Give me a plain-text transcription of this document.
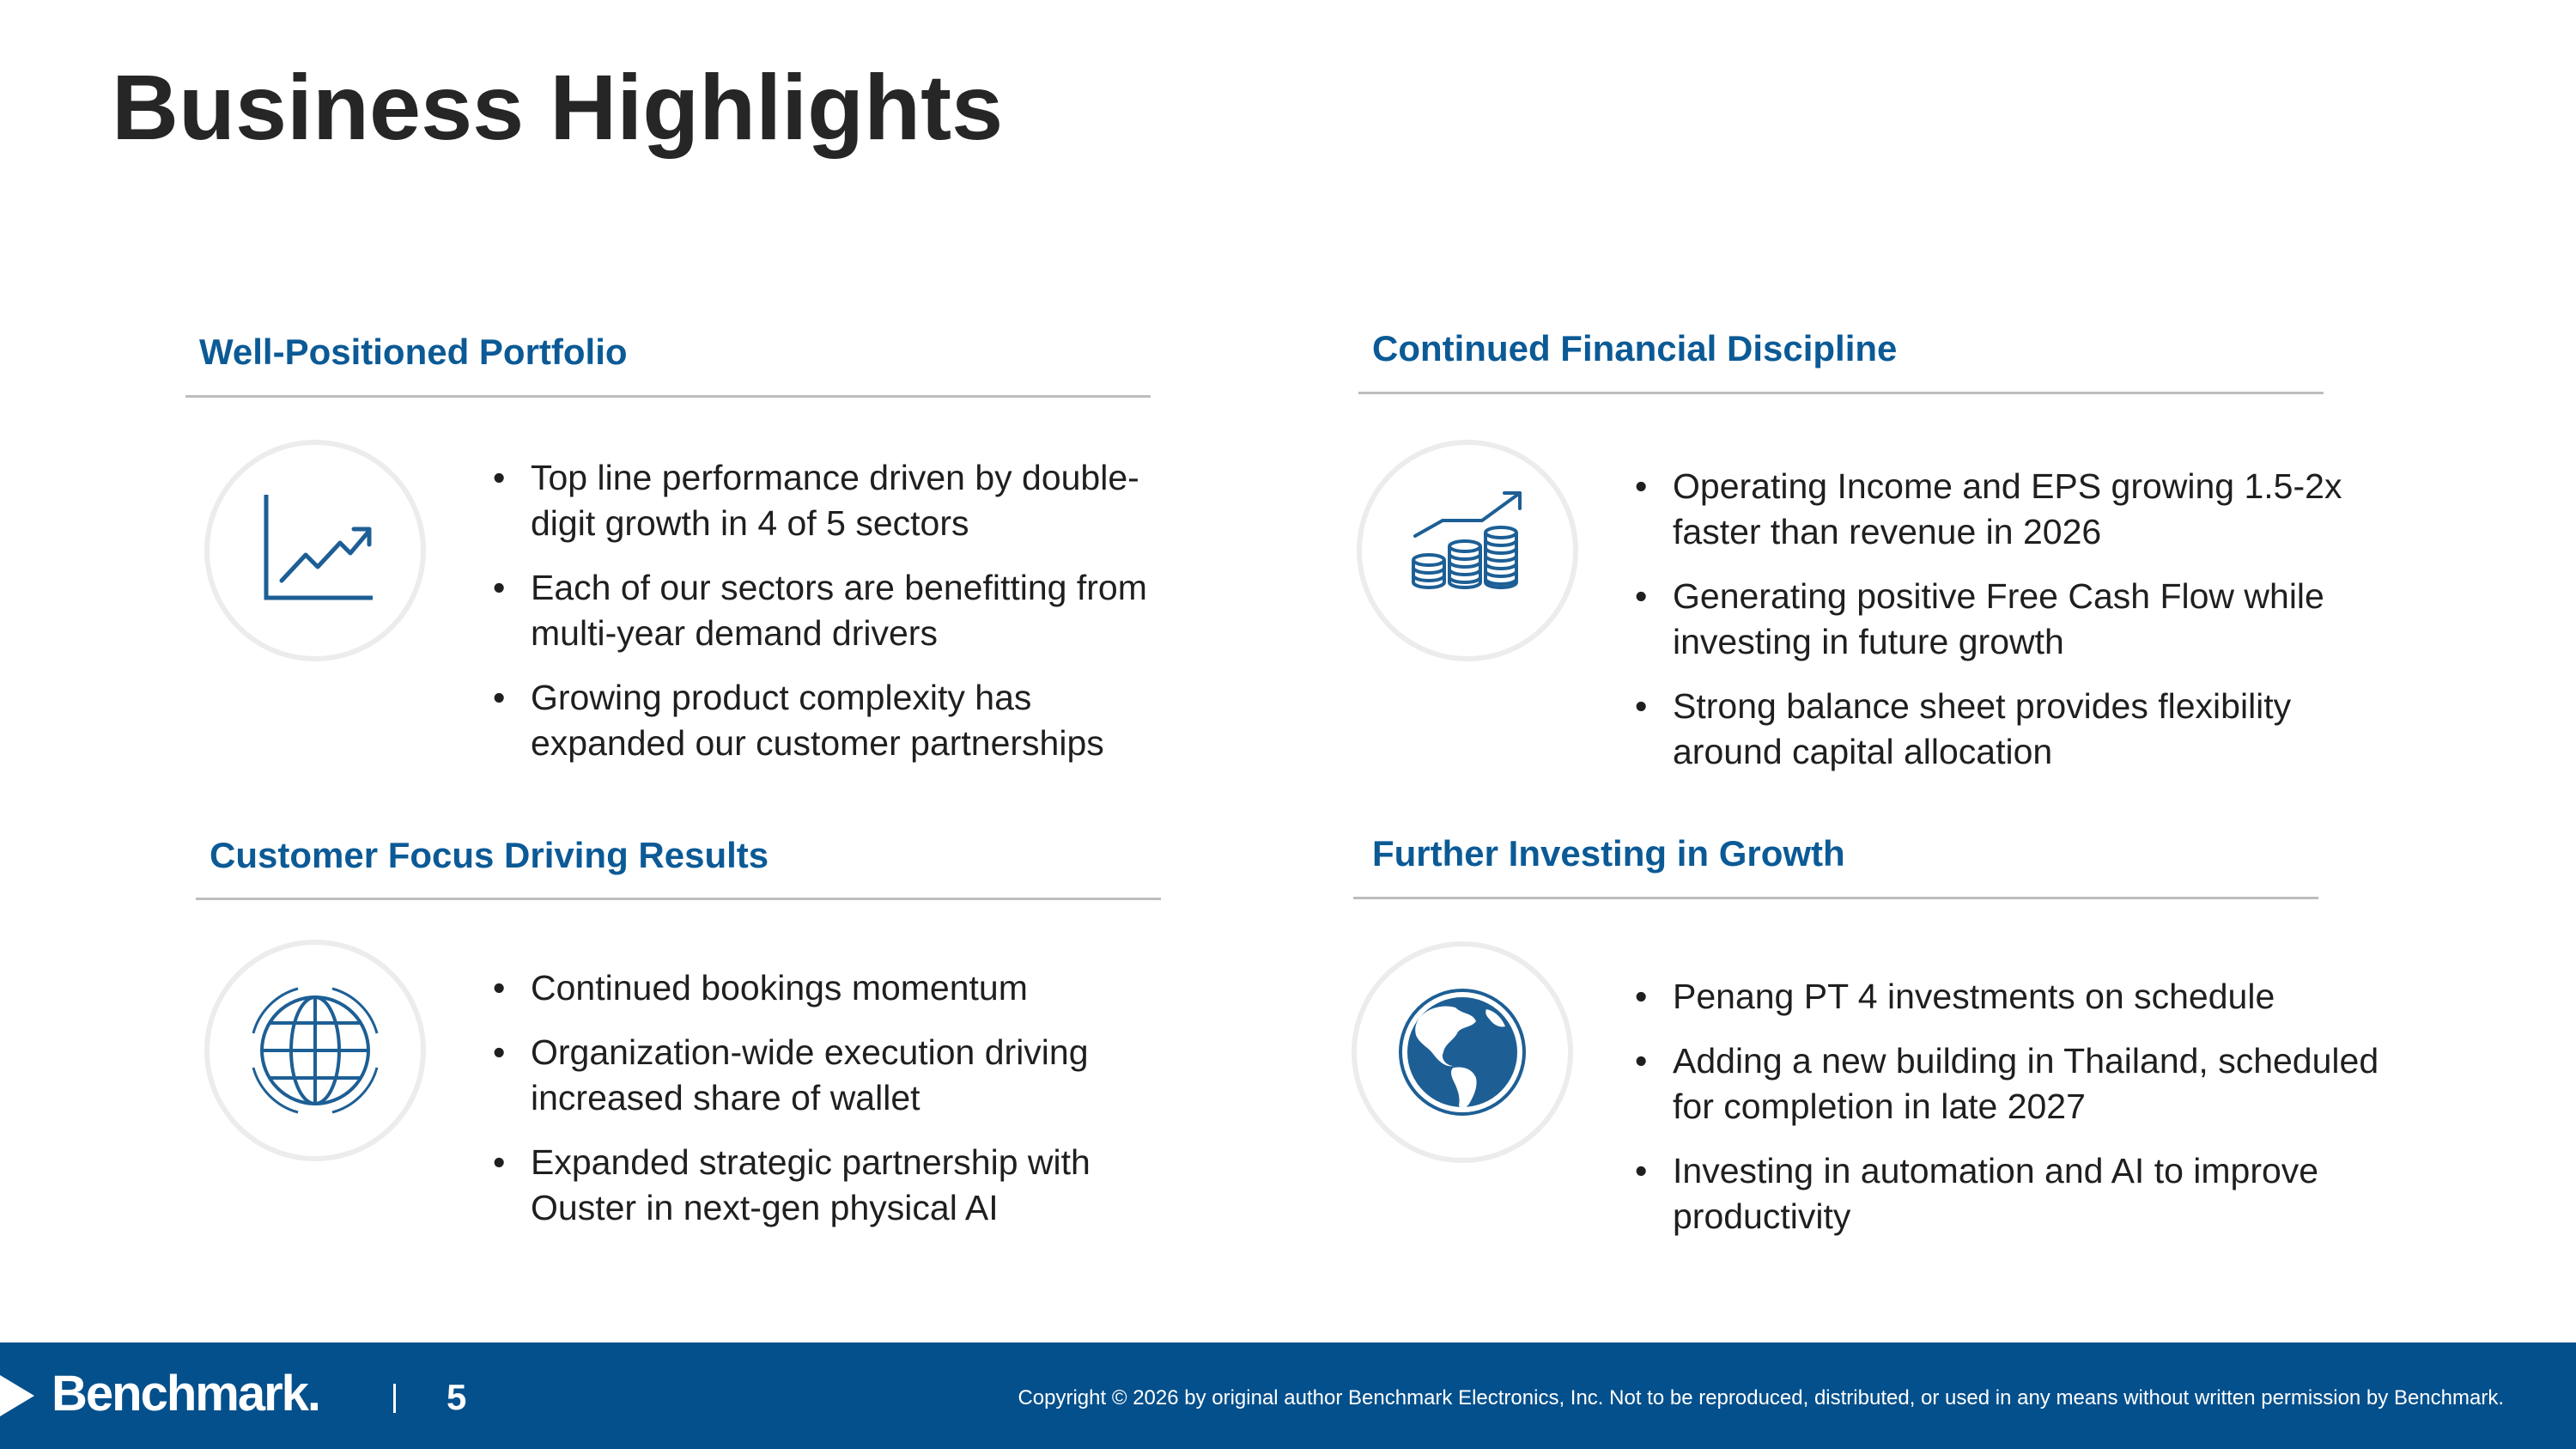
Business Highlights
Well-Positioned Portfolio
• Top line performance driven by double-digit growth in 4 of 5 sectors
• Each of our sectors are benefitting from multi-year demand drivers
• Growing product complexity has expanded our customer partnerships
Continued Financial Discipline
• Operating Income and EPS growing 1.5-2x faster than revenue in 2026
• Generating positive Free Cash Flow while investing in future growth
• Strong balance sheet provides flexibility around capital allocation
Customer Focus Driving Results
• Continued bookings momentum
• Organization-wide execution driving increased share of wallet
• Expanded strategic partnership with Ouster in next-gen physical AI
Further Investing in Growth
• Penang PT 4 investments on schedule
• Adding a new building in Thailand, scheduled for completion in late 2027
• Investing in automation and AI to improve productivity
Benchmark.	5	Copyright © 2026 by original author Benchmark Electronics, Inc. Not to be reproduced, distributed, or used in any means without written permission by Benchmark.
